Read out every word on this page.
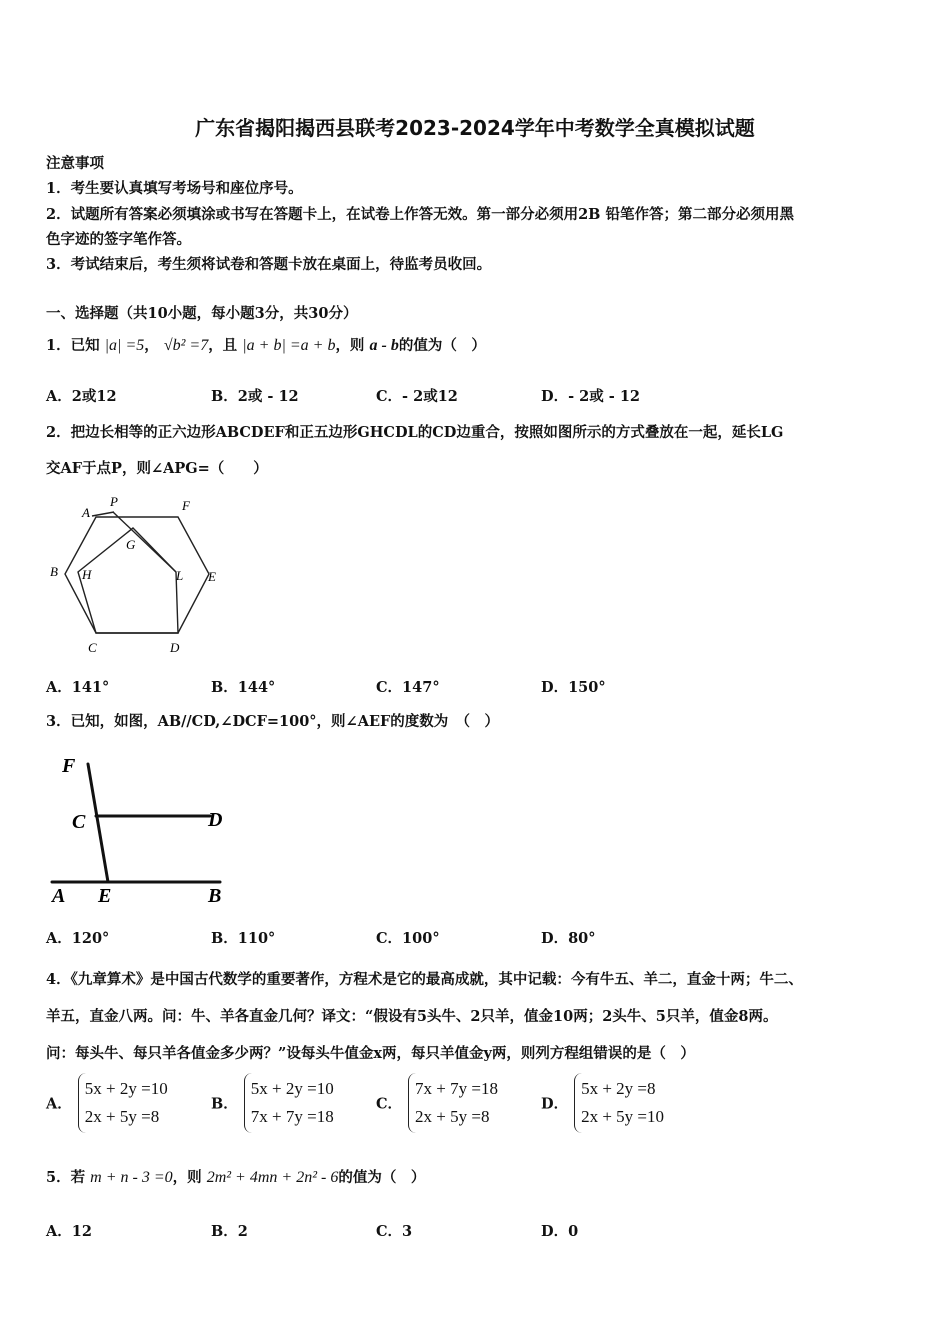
广东省揭阳揭西县联考2023-2024学年中考数学全真模拟试题
注意事项
1．考生要认真填写考场号和座位序号。
2．试题所有答案必须填涂或书写在答题卡上，在试卷上作答无效。第一部分必须用2B 铅笔作答；第二部分必须用黑
色字迹的签字笔作答。
3．考试结束后，考生须将试卷和答题卡放在桌面上，待监考员收回。
一、选择题（共10小题，每小题3分，共30分）
1．已知 |a| =5， √b² =7，且 |a + b| =a + b，则 a - b的值为（　）
A．2或12	B．2或 - 12	C．- 2或12	D．- 2或 - 12
2．把边长相等的正六边形ABCDEF和正五边形GHCDL的CD边重合，按照如图所示的方式叠放在一起，延长LG
交AF于点P，则∠APG=（　　）
A
P	F
G
B H	L E
C	D
A．141°	B．144°	C．147°	D．150°
3．已知，如图，AB//CD,∠DCF=100°，则∠AEF的度数为　（　）
F
C	D
A E	B
A．120°	B．110°	C．100°	D．80°
4．《九章算术》是中国古代数学的重要著作，方程术是它的最高成就，其中记载：今有牛五、羊二，直金十两；牛二、
羊五，直金八两。问：牛、羊各直金几何？译文：“假设有5头牛、2只羊，值金10两；2头牛、5只羊，值金8两。
问：每头牛、每只羊各值金多少两？”设每头牛值金x两，每只羊值金y两，则列方程组错误的是（　）
A．
5x + 2y =10
2x + 5y =8
B．
5x + 2y =10
7x + 7y =18
C．
7x + 7y =18
2x + 5y =8
D．
5x + 2y =8
2x + 5y =10
5．若 m + n - 3 =0，则 2m² + 4mn + 2n² - 6的值为（　）
A．12	B．2	C．3	D．0
